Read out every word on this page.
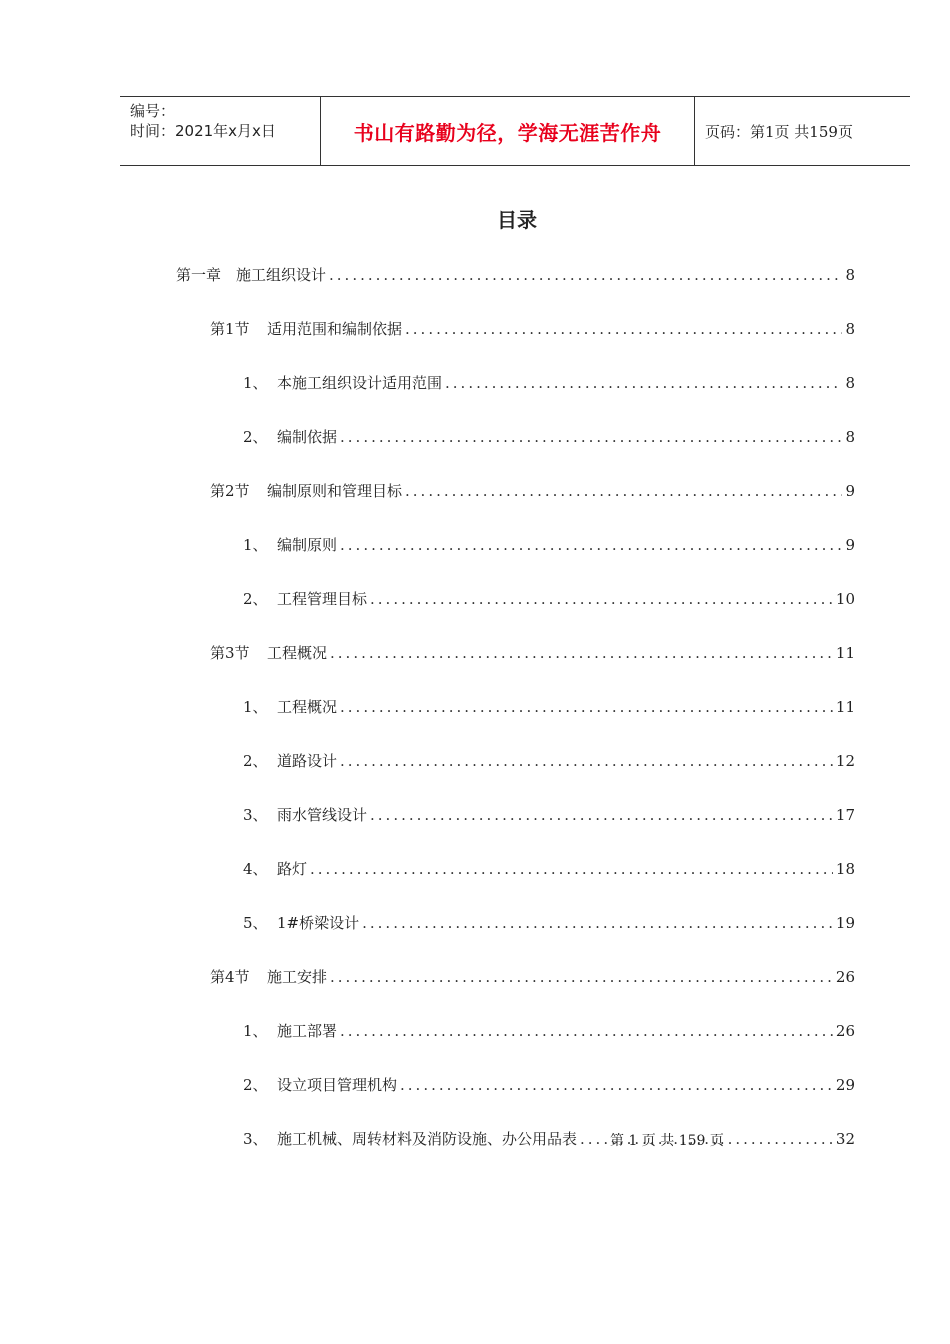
编号：
时间：2021年x月x日	书山有路勤为径，学海无涯苦作舟	页码：第1页 共159页
目录
第一章 施工组织设计 .....	8
第1节	适用范围和编制依据 .....	8
1、 本施工组织设计适用范围 .....	8
2、 编制依据 .....	8
第2节	编制原则和管理目标 .....	9
1、 编制原则 .....	9
2、 工程管理目标 .....	10
第3节	工程概况 .....	11
1、 工程概况 .....	11
2、 道路设计 .....	12
3、 雨水管线设计 .....	17
4、 路灯 .....	18
5、 1#桥梁设计 .....	19
第4节	施工安排 .....	26
1、 施工部署 .....	26
2、 设立项目管理机构 .....	29
3、 施工机械、周转材料及消防设施、办公用品表 .....	32
第 1 页 共 159 页
